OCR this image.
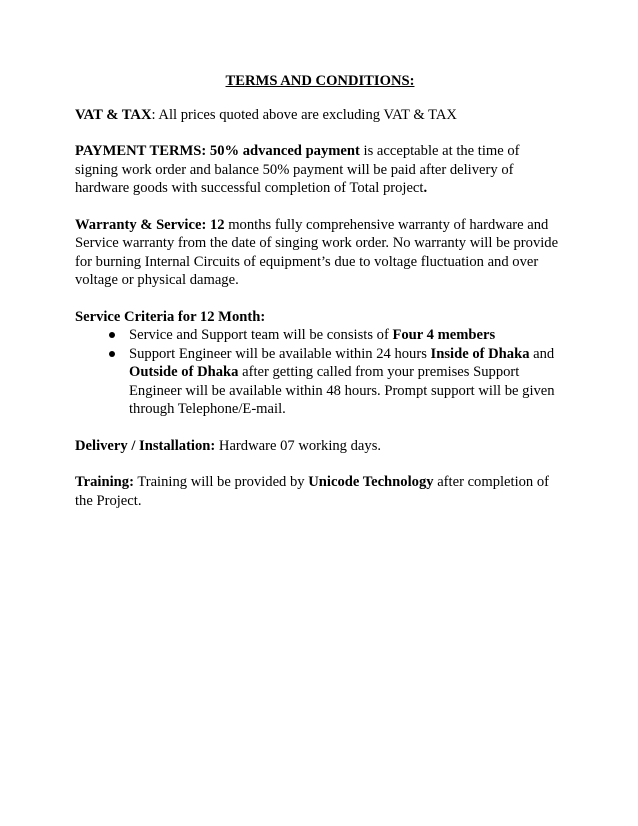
TERMS AND CONDITIONS:

VAT & TAX: All prices quoted above are excluding VAT & TAX

PAYMENT TERMS: 50% advanced payment is acceptable at the time of signing work order and balance 50% payment will be paid after delivery of hardware goods with successful completion of Total project.

Warranty & Service: 12 months fully comprehensive warranty of hardware and Service warranty from the date of singing work order. No warranty will be provide for burning Internal Circuits of equipment’s due to voltage fluctuation and over voltage or physical damage.

Service Criteria for 12 Month:
Service and Support team will be consists of Four 4 members
Support Engineer will be available within 24 hours Inside of Dhaka and Outside of Dhaka after getting called from your premises Support Engineer will be available within 48 hours. Prompt support will be given through Telephone/E-mail.

Delivery / Installation: Hardware 07 working days.

Training: Training will be provided by Unicode Technology after completion of the Project.
